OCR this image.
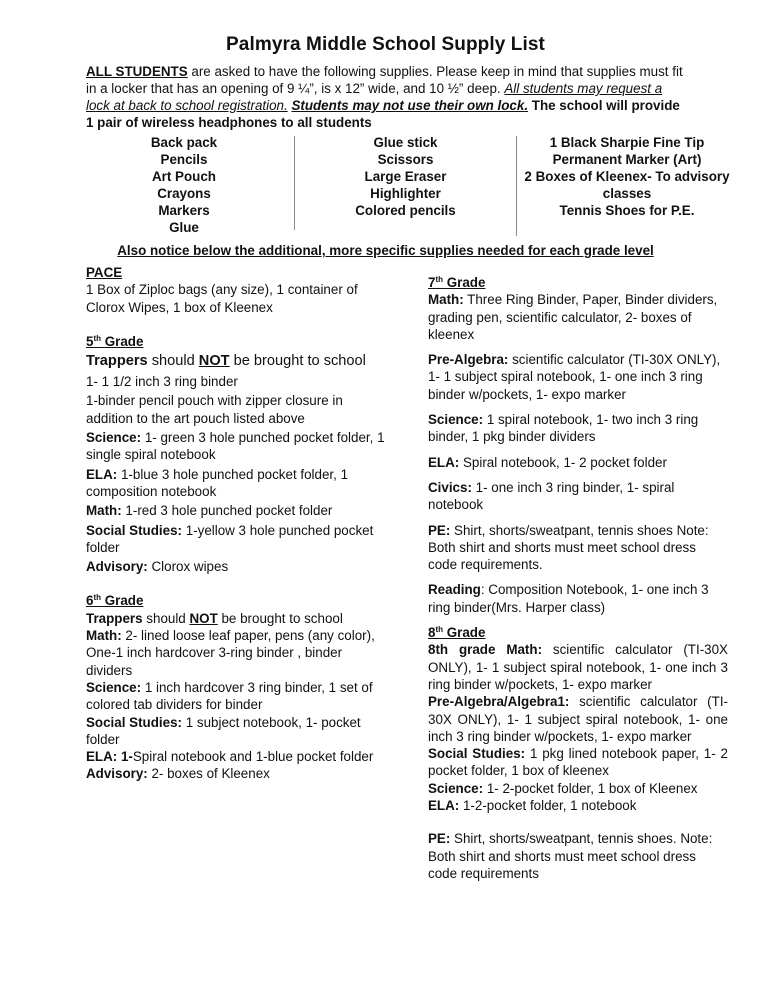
Palmyra Middle School Supply List
ALL STUDENTS are asked to have the following supplies. Please keep in mind that supplies must fit in a locker that has an opening of 9 ¼”, is x 12” wide, and 10 ½” deep. All students may request a lock at back to school registration. Students may not use their own lock. The school will provide 1 pair of wireless headphones to all students
Back pack
Pencils
Art Pouch
Crayons
Markers
Glue
Glue stick
Scissors
Large Eraser
Highlighter
Colored pencils
1 Black Sharpie Fine Tip
Permanent Marker (Art)
2 Boxes of Kleenex- To advisory classes
Tennis Shoes for P.E.
Also notice below the additional, more specific supplies needed for each grade level

PACE

1 Box of Ziploc bags (any size), 1 container of Clorox Wipes, 1 box of Kleenex

5th Grade

Trappers should NOT be brought to school

1- 1 1/2 inch 3 ring binder

1-binder pencil pouch with zipper closure in addition to the art pouch listed above

Science: 1- green 3 hole punched pocket folder, 1 single spiral notebook

ELA: 1-blue 3 hole punched pocket folder, 1 composition notebook

Math: 1-red 3 hole punched pocket folder

Social Studies: 1-yellow 3 hole punched pocket folder

Advisory: Clorox wipes

6th Grade

Trappers should NOT be brought to school

Math: 2- lined loose leaf paper, pens (any color), One-1 inch hardcover 3-ring binder , binder dividers

Science: 1 inch hardcover 3 ring binder, 1 set of colored tab dividers for binder

Social Studies: 1 subject notebook, 1- pocket folder

ELA: 1-Spiral notebook and 1-blue pocket folder

Advisory: 2- boxes of Kleenex

7th Grade

Math: Three Ring Binder, Paper, Binder dividers, grading pen, scientific calculator, 2- boxes of kleenex

Pre-Algebra: scientific calculator (TI-30X ONLY), 1- 1 subject spiral notebook, 1- one inch 3 ring binder w/pockets, 1- expo marker

Science: 1 spiral notebook, 1- two inch 3 ring binder, 1 pkg binder dividers

ELA: Spiral notebook, 1- 2 pocket folder

Civics: 1- one inch 3 ring binder, 1- spiral notebook

PE: Shirt, shorts/sweatpant, tennis shoes Note: Both shirt and shorts must meet school dress code requirements.

Reading: Composition Notebook, 1- one inch 3 ring binder(Mrs. Harper class)

8th Grade

8th grade Math: scientific calculator (TI-30X ONLY), 1- 1 subject spiral notebook, 1- one inch 3 ring binder w/pockets, 1- expo marker

Pre-Algebra/Algebra1: scientific calculator (TI-30X ONLY), 1- 1 subject spiral notebook, 1- one inch 3 ring binder w/pockets, 1- expo marker

Social Studies: 1 pkg lined notebook paper, 1- 2 pocket folder, 1 box of kleenex

Science: 1- 2-pocket folder, 1 box of Kleenex

ELA: 1-2-pocket folder, 1 notebook

PE: Shirt, shorts/sweatpant, tennis shoes. Note: Both shirt and shorts must meet school dress code requirements
